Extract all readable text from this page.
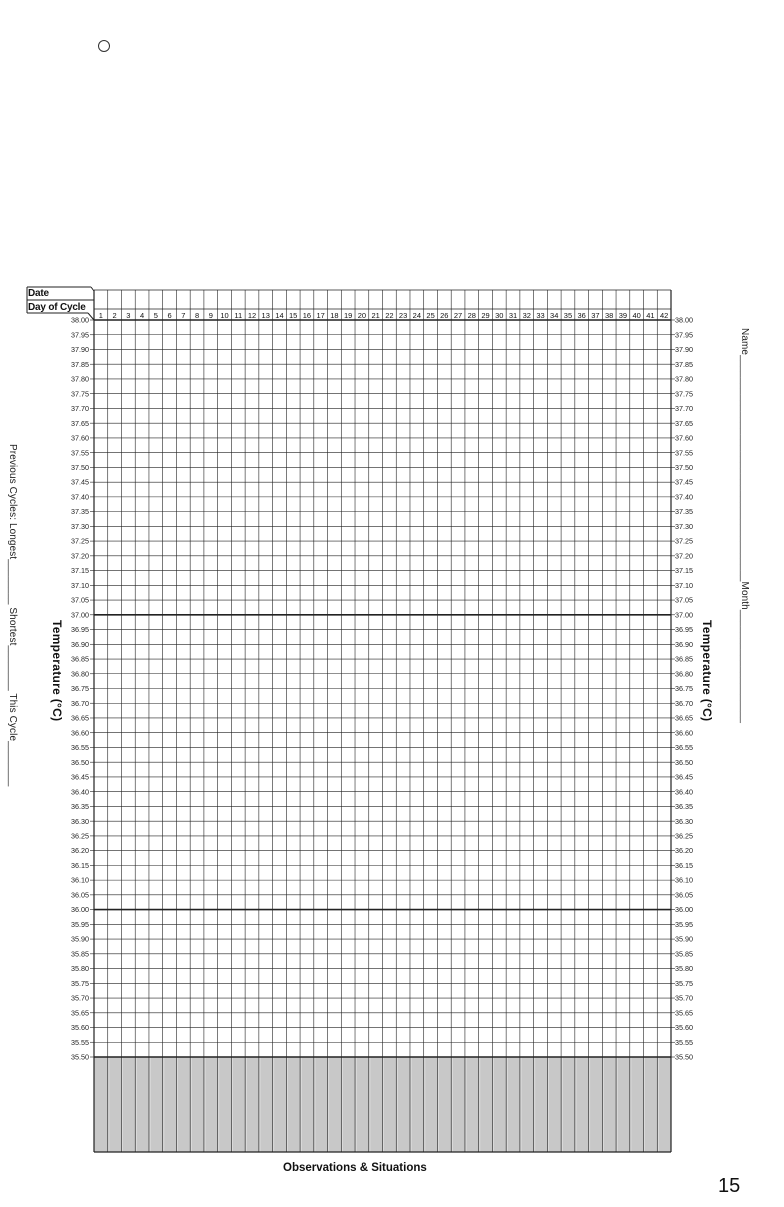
Previous Cycles: Longest________ Shortest________ This Cycle________	Name________________________________________Month____________________
Date
Day of Cycle
Temperature (°C)	Temperature (°C)
1 2 3 4 5 6 7 8 9 10 11 12 13 14 15 16 17 18 19 20 21 22 23 24 25 26 27 28 29 30 31 32 33 34 35 36 37 38 39 40 41 42
38.00	38.00
37.95	37.95
37.90	37.90
37.85	37.85
37.80	37.80
37.75	37.75
37.70	37.70
37.65	37.65
37.60	37.60
37.55	37.55
37.50	37.50
37.45	37.45
37.40	37.40
37.35	37.35
37.30	37.30
37.25	37.25
37.20	37.20
37.15	37.15
37.10	37.10
37.05	37.05
37.00	37.00
36.95	36.95
36.90	36.90
36.85	36.85
36.80	36.80
36.75	36.75
36.70	36.70
36.65	36.65
36.60	36.60
36.55	36.55
36.50	36.50
36.45	36.45
36.40	36.40
36.35	36.35
36.30	36.30
36.25	36.25
36.20	36.20
36.15	36.15
36.10	36.10
36.05	36.05
36.00	36.00
35.95	35.95
35.90	35.90
35.85	35.85
35.80	35.80
35.75	35.75
35.70	35.70
35.65	35.65
35.60	35.60
35.55	35.55
35.50	35.50
Observations & Situations
15
